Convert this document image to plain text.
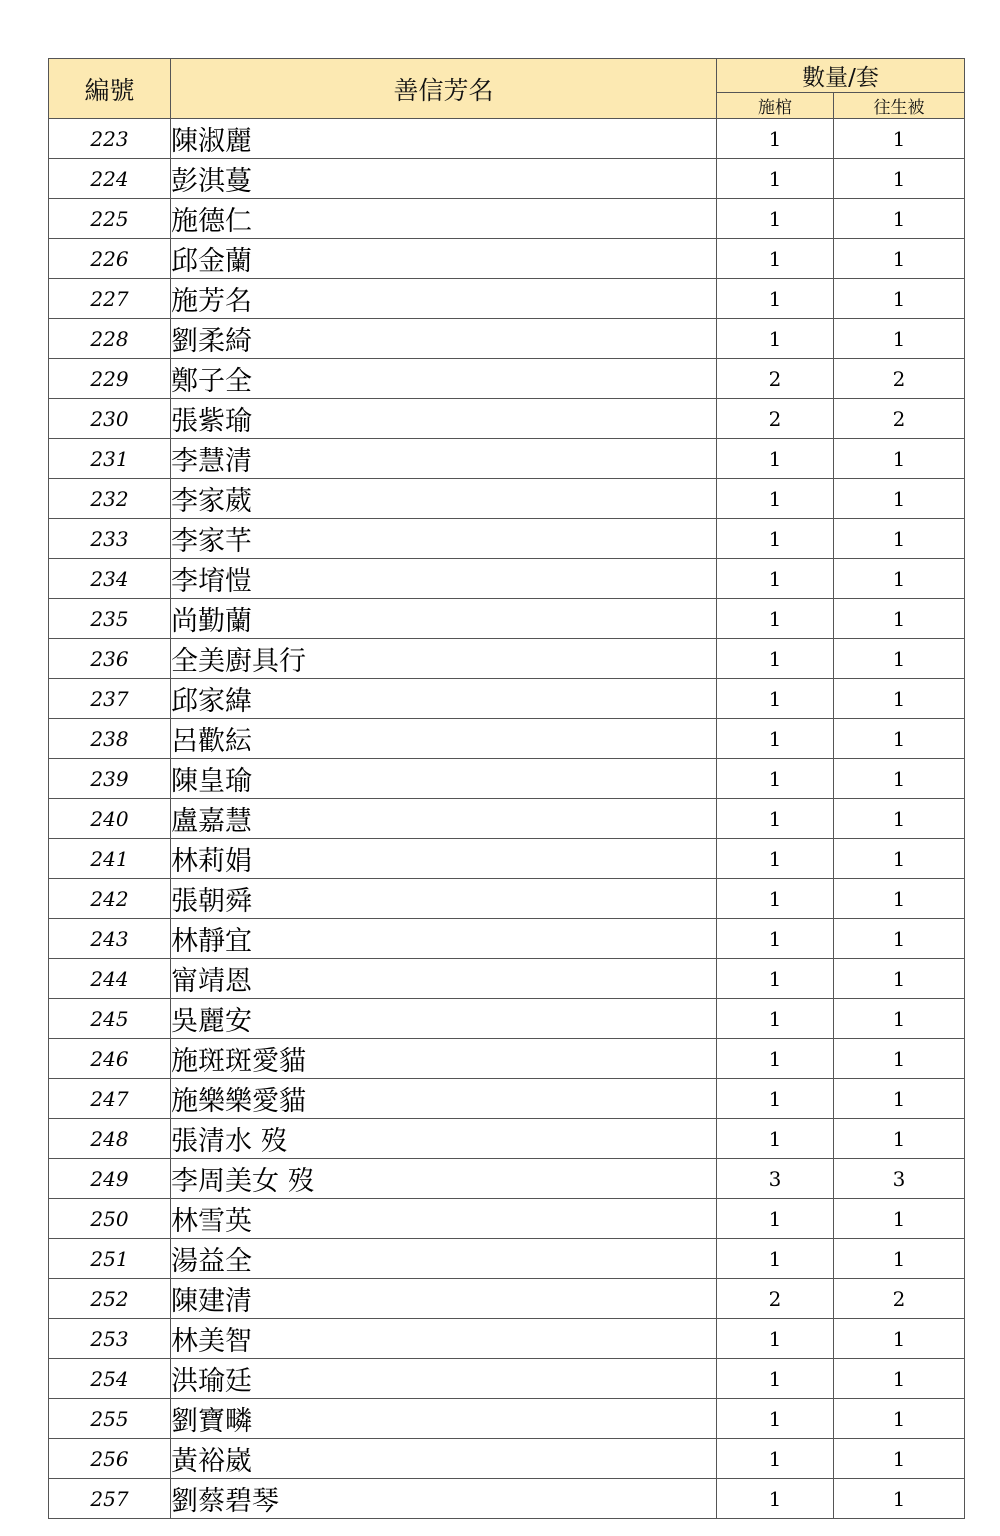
編號	善信芳名	數量/套	
		施棺	往生被
223	陳淑麗	1	1
224	彭淇蔓	1	1
225	施德仁	1	1
226	邱金蘭	1	1
227	施芳名	1	1
228	劉柔綺	1	1
229	鄭子全	2	2
230	張紫瑜	2	2
231	李慧清	1	1
232	李家葳	1	1
233	李家芊	1	1
234	李堉愷	1	1
235	尚勤蘭	1	1
236	全美廚具行	1	1
237	邱家緯	1	1
238	呂歡紜	1	1
239	陳皇瑜	1	1
240	盧嘉慧	1	1
241	林莉娟	1	1
242	張朝舜	1	1
243	林靜宜	1	1
244	甯靖恩	1	1
245	吳麗安	1	1
246	施斑斑愛貓	1	1
247	施樂樂愛貓	1	1
248	張清水 歿	1	1
249	李周美女 歿	3	3
250	林雪英	1	1
251	湯益全	1	1
252	陳建清	2	2
253	林美智	1	1
254	洪瑜廷	1	1
255	劉寶疄	1	1
256	黃裕崴	1	1
257	劉蔡碧琴	1	1
